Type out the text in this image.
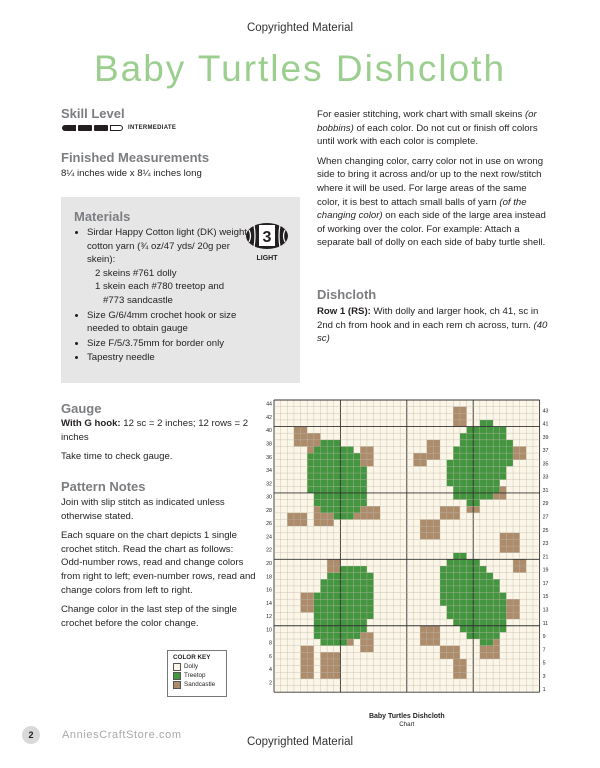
Copyrighted Material
Baby Turtles Dishcloth
Skill Level
INTERMEDIATE
Finished Measurements
8¼ inches wide x 8¼ inches long
Materials
• Sirdar Happy Cotton light (DK) weight cotton yarn (¾ oz/47 yds/ 20g per skein):
2 skeins #761 dolly
1 skein each #780 treetop and
#773 sandcastle
• Size G/6/4mm crochet hook or size needed to obtain gauge
• Size F/5/3.75mm for border only
• Tapestry needle
3
LIGHT
Gauge

With G hook: 12 sc = 2 inches; 12 rows = 2 inches

Take time to check gauge.

Pattern Notes

Join with slip stitch as indicated unless otherwise stated.

Each square on the chart depicts 1 single crochet stitch. Read the chart as follows: Odd-number rows, read and change colors from right to left; even-number rows, read and change colors from left to right.

Change color in the last step of the single crochet before the color change.

COLOR KEY
Dolly
Treetop
Sandcastle

For easier stitching, work chart with small skeins (or bobbins) of each color. Do not cut or finish off colors until work with each color is complete.

When changing color, carry color not in use on wrong side to bring it across and/or up to the next row/stitch where it will be used. For large areas of the same color, it is best to attach small balls of yarn (of the changing color) on each side of the large area instead of working over the color. For example: Attach a separate ball of dolly on each side of baby turtle shell.

Dishcloth

Row 1 (RS): With dolly and larger hook, ch 41, sc in 2nd ch from hook and in each rem ch across, turn. (40 sc)

2
4
6
8
10
12
14
16
18
20
22
24
26
28
30
32
34
36
38
40
42
44
1
3
5
7
9
11
13
15
17
19
21
23
25
27
29
31
33
35
37
39
41
43
Baby Turtles Dishcloth
Chart
2	AnniesCraftStore.com
Copyrighted Material
